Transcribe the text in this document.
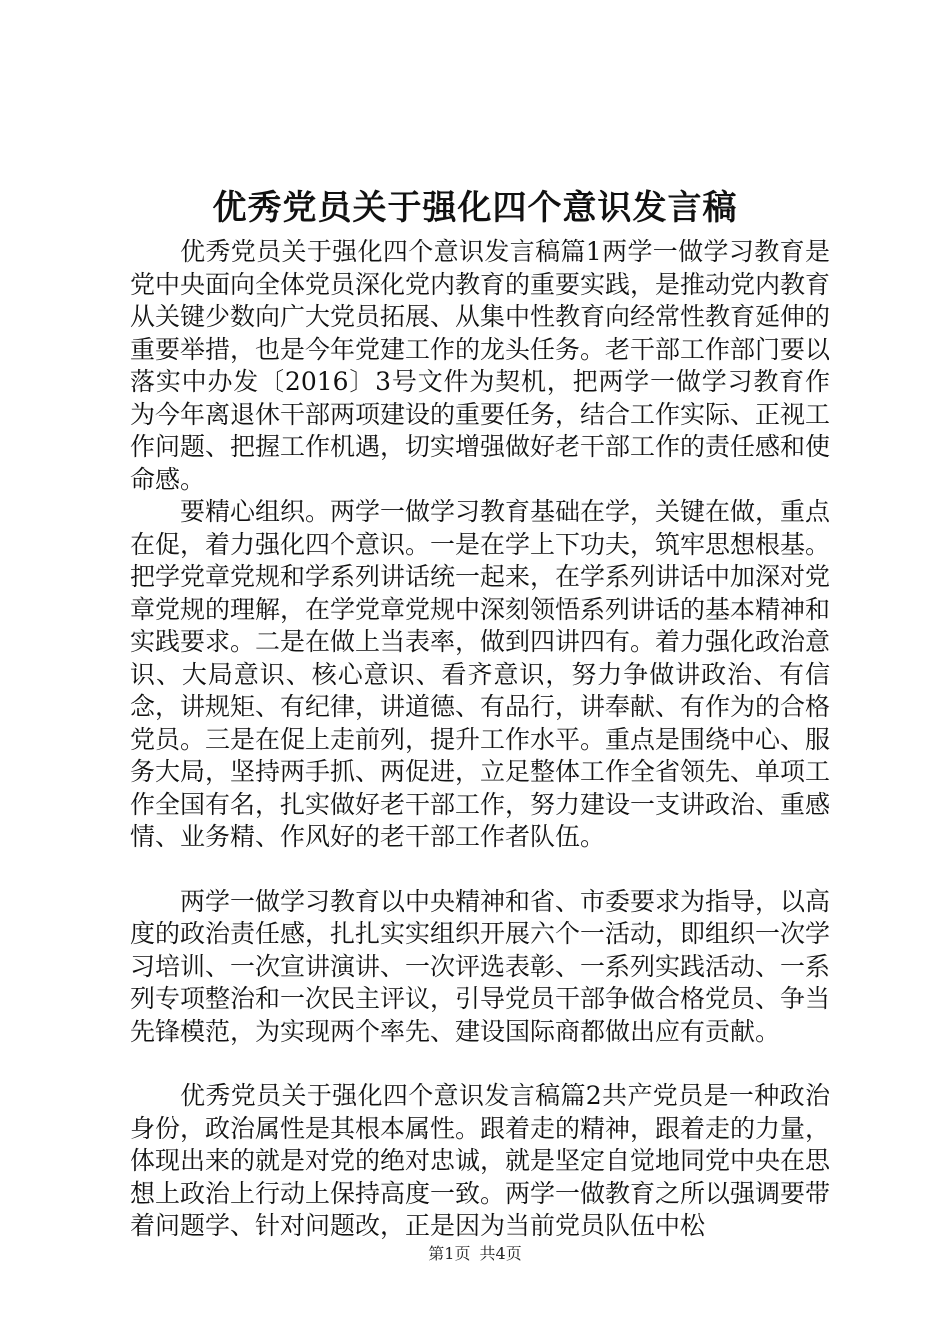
优秀党员关于强化四个意识发言稿

优秀党员关于强化四个意识发言稿篇1两学一做学习教育是党中央面向全体党员深化党内教育的重要实践，是推动党内教育从关键少数向广大党员拓展、从集中性教育向经常性教育延伸的重要举措，也是今年党建工作的龙头任务。老干部工作部门要以落实中办发〔2016〕3号文件为契机，把两学一做学习教育作为今年离退休干部两项建设的重要任务，结合工作实际、正视工作问题、把握工作机遇，切实增强做好老干部工作的责任感和使命感。

要精心组织。两学一做学习教育基础在学，关键在做，重点在促，着力强化四个意识。一是在学上下功夫，筑牢思想根基。把学党章党规和学系列讲话统一起来，在学系列讲话中加深对党章党规的理解，在学党章党规中深刻领悟系列讲话的基本精神和实践要求。二是在做上当表率，做到四讲四有。着力强化政治意识、大局意识、核心意识、看齐意识，努力争做讲政治、有信念，讲规矩、有纪律，讲道德、有品行，讲奉献、有作为的合格党员。三是在促上走前列，提升工作水平。重点是围绕中心、服务大局，坚持两手抓、两促进，立足整体工作全省领先、单项工作全国有名，扎实做好老干部工作，努力建设一支讲政治、重感情、业务精、作风好的老干部工作者队伍。

两学一做学习教育以中央精神和省、市委要求为指导，以高度的政治责任感，扎扎实实组织开展六个一活动，即组织一次学习培训、一次宣讲演讲、一次评选表彰、一系列实践活动、一系列专项整治和一次民主评议，引导党员干部争做合格党员、争当先锋模范，为实现两个率先、建设国际商都做出应有贡献。

优秀党员关于强化四个意识发言稿篇2共产党员是一种政治身份，政治属性是其根本属性。跟着走的精神，跟着走的力量，体现出来的就是对党的绝对忠诚，就是坚定自觉地同党中央在思想上政治上行动上保持高度一致。两学一做教育之所以强调要带着问题学、针对问题改，正是因为当前党员队伍中松

第1页 共4页
